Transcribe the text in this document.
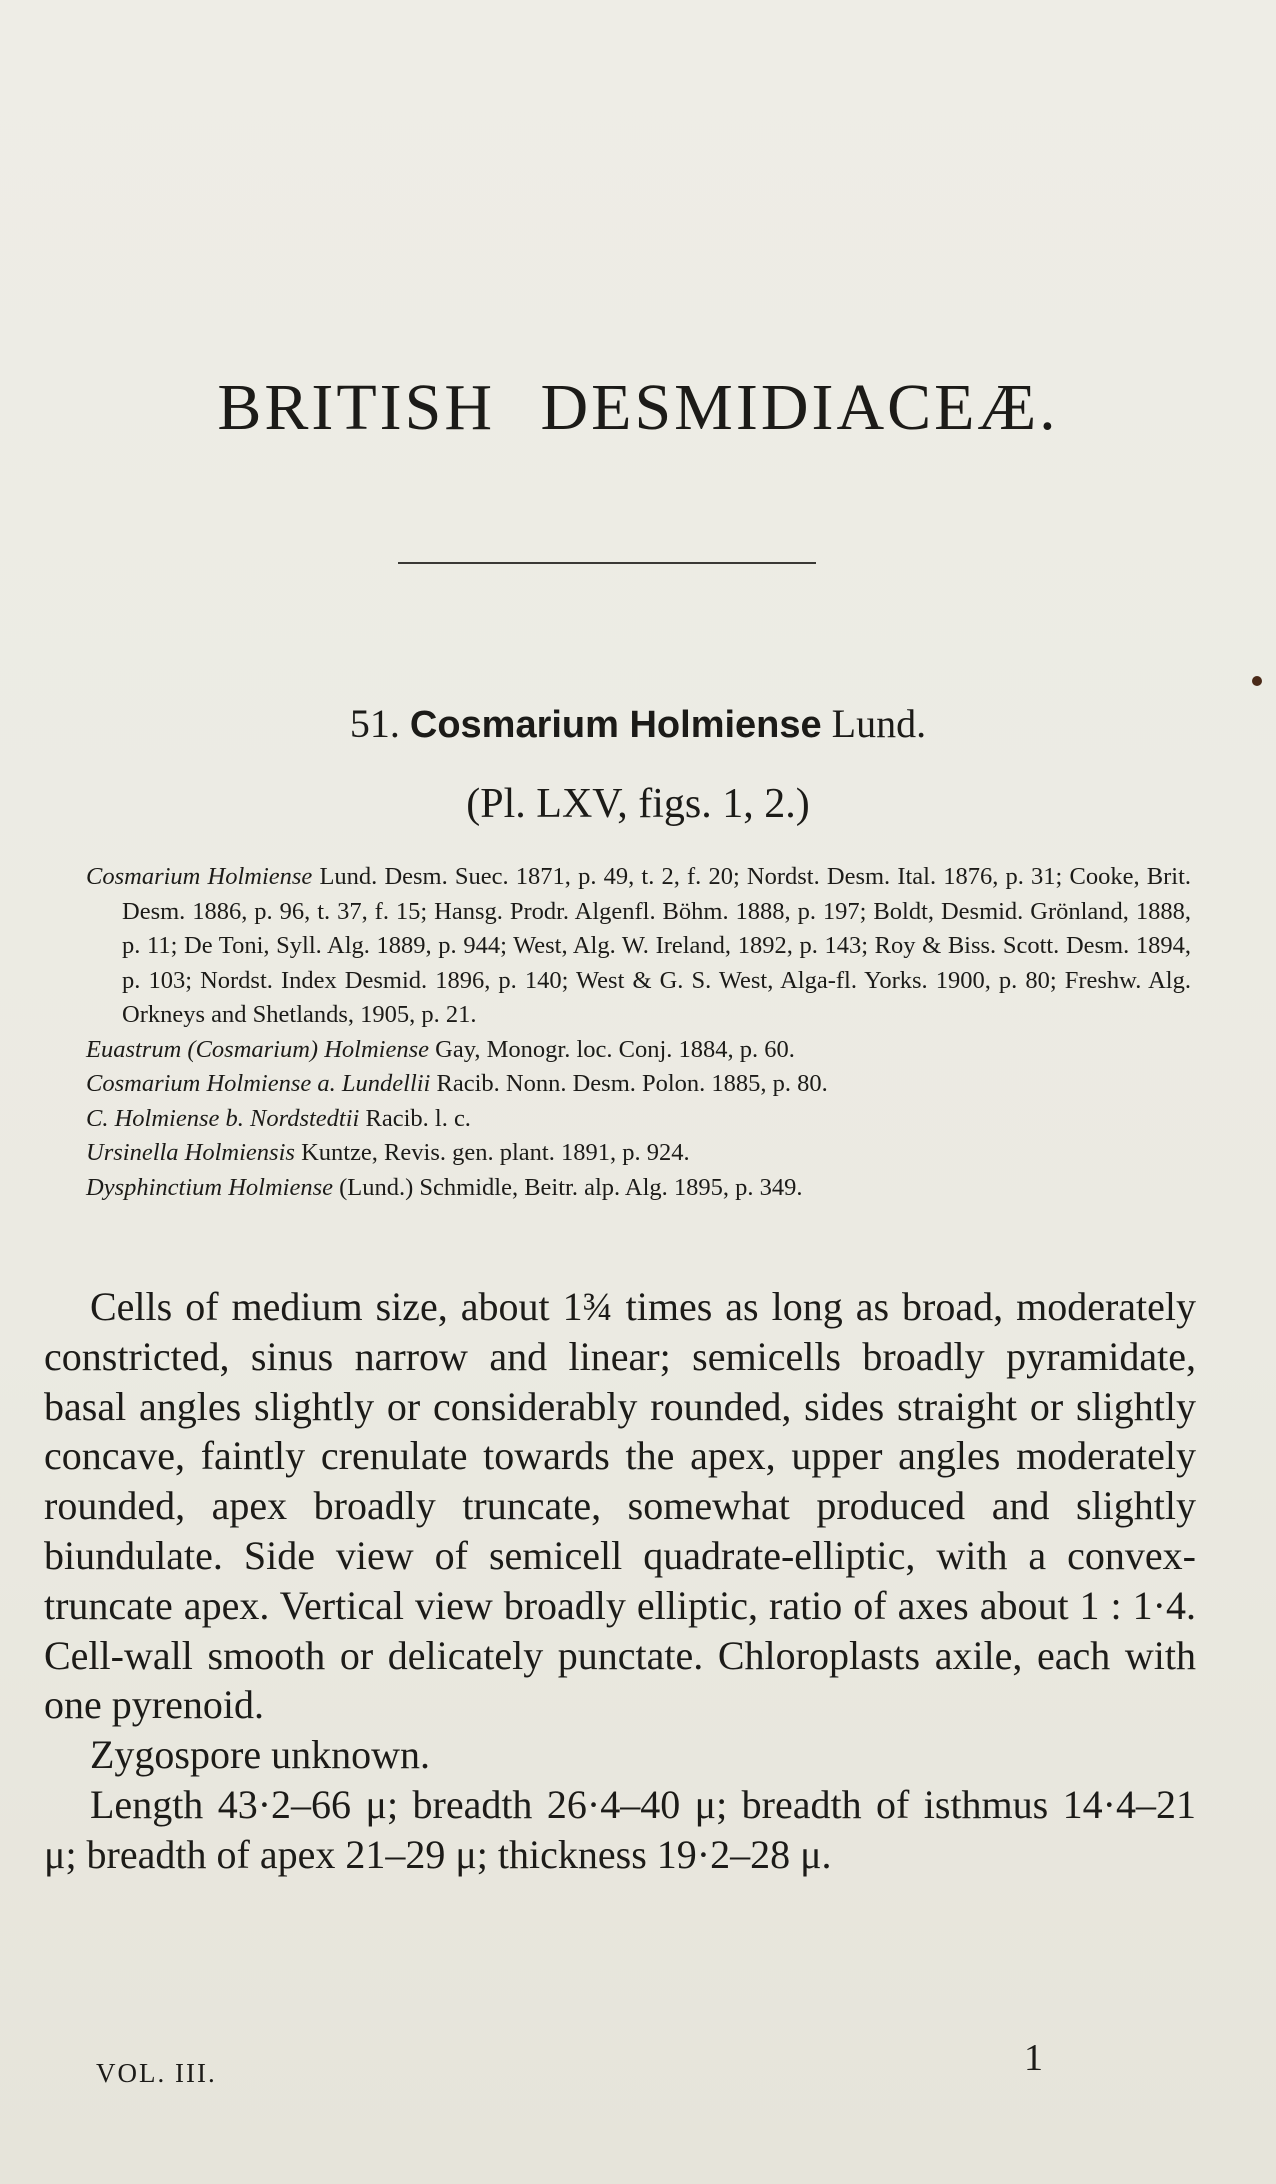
BRITISH DESMIDIACEÆ.
51. Cosmarium Holmiense Lund.
(Pl. LXV, figs. 1, 2.)
Cosmarium Holmiense Lund. Desm. Suec. 1871, p. 49, t. 2, f. 20; Nordst. Desm. Ital. 1876, p. 31; Cooke, Brit. Desm. 1886, p. 96, t. 37, f. 15; Hansg. Prodr. Algenfl. Böhm. 1888, p. 197; Boldt, Desmid. Grönland, 1888, p. 11; De Toni, Syll. Alg. 1889, p. 944; West, Alg. W. Ireland, 1892, p. 143; Roy & Biss. Scott. Desm. 1894, p. 103; Nordst. Index Desmid. 1896, p. 140; West & G. S. West, Alga-fl. Yorks. 1900, p. 80; Freshw. Alg. Orkneys and Shetlands, 1905, p. 21.
Euastrum (Cosmarium) Holmiense Gay, Monogr. loc. Conj. 1884, p. 60.
Cosmarium Holmiense a. Lundellii Racib. Nonn. Desm. Polon. 1885, p. 80.
C. Holmiense b. Nordstedtii Racib. l. c.
Ursinella Holmiensis Kuntze, Revis. gen. plant. 1891, p. 924.
Dysphinctium Holmiense (Lund.) Schmidle, Beitr. alp. Alg. 1895, p. 349.

Cells of medium size, about 1¾ times as long as broad, moderately constricted, sinus narrow and linear; semicells broadly pyramidate, basal angles slightly or considerably rounded, sides straight or slightly concave, faintly crenulate towards the apex, upper angles moderately rounded, apex broadly truncate, somewhat produced and slightly biundulate. Side view of semicell quadrate-elliptic, with a convex-truncate apex. Vertical view broadly elliptic, ratio of axes about 1 : 1·4. Cell-wall smooth or delicately punctate. Chloroplasts axile, each with one pyrenoid.

Zygospore unknown.

Length 43·2–66 μ; breadth 26·4–40 μ; breadth of isthmus 14·4–21 μ; breadth of apex 21–29 μ; thickness 19·2–28 μ.

VOL. III.	1
